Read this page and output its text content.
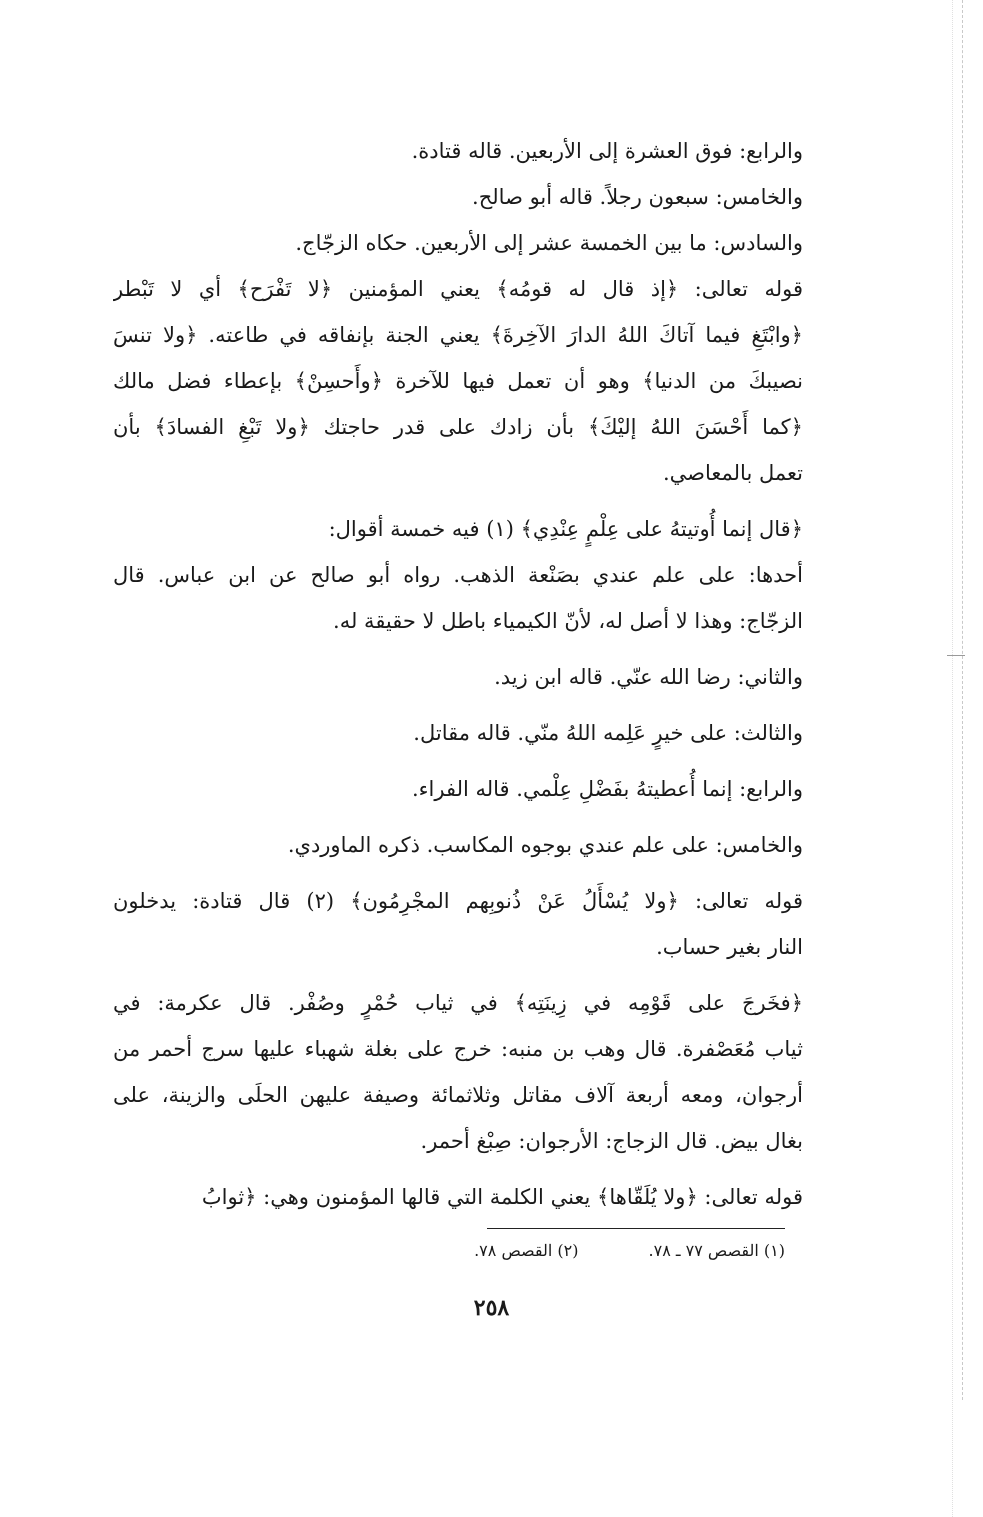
والرابع: فوق العشرة إلى الأربعين. قاله قتادة.
والخامس: سبعون رجلاً. قاله أبو صالح.
والسادس: ما بين الخمسة عشر إلى الأربعين. حكاه الزجّاج.
قوله تعالى: ﴿إذ قال له قومُه﴾ يعني المؤمنين ﴿لا تَفْرَح﴾ أي لا تَبْطر
﴿وابْتَغِ فيما آتاكَ اللهُ الدارَ الآخِرةَ﴾ يعني الجنة بإنفاقه في طاعته. ﴿ولا تنسَ
نصيبكَ من الدنيا﴾ وهو أن تعمل فيها للآخرة ﴿وأَحسِنْ﴾ بإعطاء فضل مالك
﴿كما أَحْسَنَ اللهُ إليْكَ﴾ بأن زادك على قدر حاجتك ﴿ولا تَبْغِ الفسادَ﴾ بأن
تعمل بالمعاصي.
﴿قال إنما أُوتيتهُ على عِلْمٍ عِنْدِي﴾ (١) فيه خمسة أقوال:
أحدها: على علم عندي بصَنْعة الذهب. رواه أبو صالح عن ابن عباس. قال
الزجّاج: وهذا لا أصل له، لأنّ الكيمياء باطل لا حقيقة له.
والثاني: رضا الله عنّي. قاله ابن زيد.
والثالث: على خيرٍ عَلِمه اللهُ منّي. قاله مقاتل.
والرابع: إنما أُعطيتهُ بفَضْلِ عِلْمي. قاله الفراء.
والخامس: على علم عندي بوجوه المكاسب. ذكره الماوردي.
قوله تعالى: ﴿ولا يُسْأَلُ عَنْ ذُنوبِهم المجْرِمُون﴾ (٢) قال قتادة: يدخلون
النار بغير حساب.
﴿فخَرجَ على قَوْمِه في زِينَتِه﴾ في ثياب حُمْرٍ وصُفْر. قال عكرمة: في
ثياب مُعَصْفرة. قال وهب بن منبه: خرج على بغلة شهباء عليها سرج أحمر من
أرجوان، ومعه أربعة آلاف مقاتل وثلاثمائة وصيفة عليهن الحلَى والزينة، على
بغال بيض. قال الزجاج: الأرجوان: صِبْغ أحمر.
قوله تعالى: ﴿ولا يُلَقّاها﴾ يعني الكلمة التي قالها المؤمنون وهي: ﴿ثوابُ
(١) القصص ٧٧ ـ ٧٨.
(٢) القصص ٧٨.
٢٥٨
